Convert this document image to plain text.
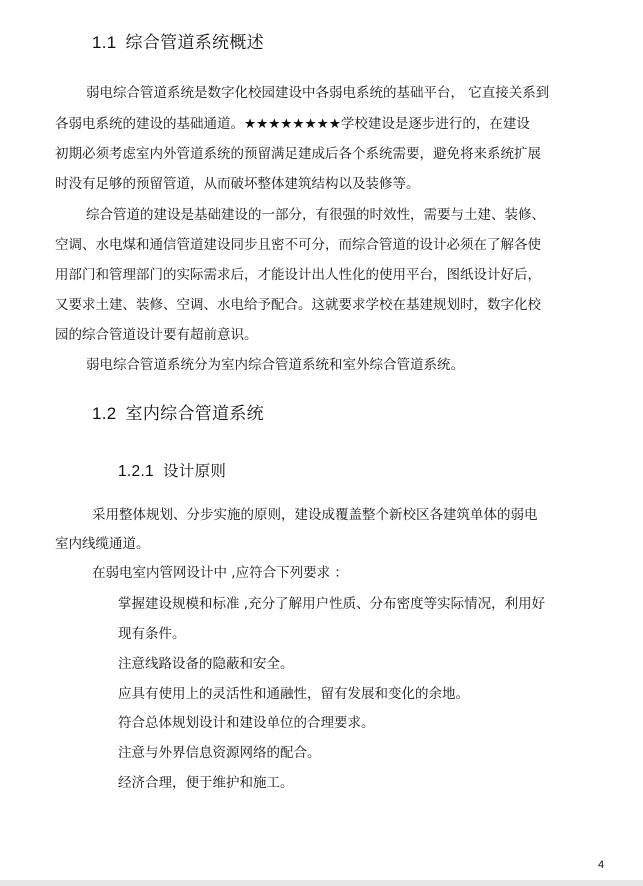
1.1 综合管道系统概述

弱电综合管道系统是数字化校园建设中各弱电系统的基础平台， 它直接关系到

各弱电系统的建设的基础通道。★★★★★★★★学校建设是逐步进行的，在建设

初期必须考虑室内外管道系统的预留满足建成后各个系统需要，避免将来系统扩展

时没有足够的预留管道，从而破坏整体建筑结构以及装修等。

综合管道的建设是基础建设的一部分，有很强的时效性，需要与土建、装修、

空调、水电煤和通信管道建设同步且密不可分，而综合管道的设计必须在了解各使

用部门和管理部门的实际需求后，才能设计出人性化的使用平台，图纸设计好后，

又要求土建、装修、空调、水电给予配合。这就要求学校在基建规划时，数字化校

园的综合管道设计要有超前意识。

弱电综合管道系统分为室内综合管道系统和室外综合管道系统。

1.2 室内综合管道系统
1.2.1 设计原则

采用整体规划、分步实施的原则，建设成覆盖整个新校区各建筑单体的弱电

室内线缆通道。

在弱电室内管网设计中 ,应符合下列要求 ：

掌握建设规模和标准 ,充分了解用户性质、分布密度等实际情况，利用好

现有条件。

注意线路设备的隐蔽和安全。

应具有使用上的灵活性和通融性，留有发展和变化的余地。

符合总体规划设计和建设单位的合理要求。

注意与外界信息资源网络的配合。

经济合理，便于维护和施工。

4
